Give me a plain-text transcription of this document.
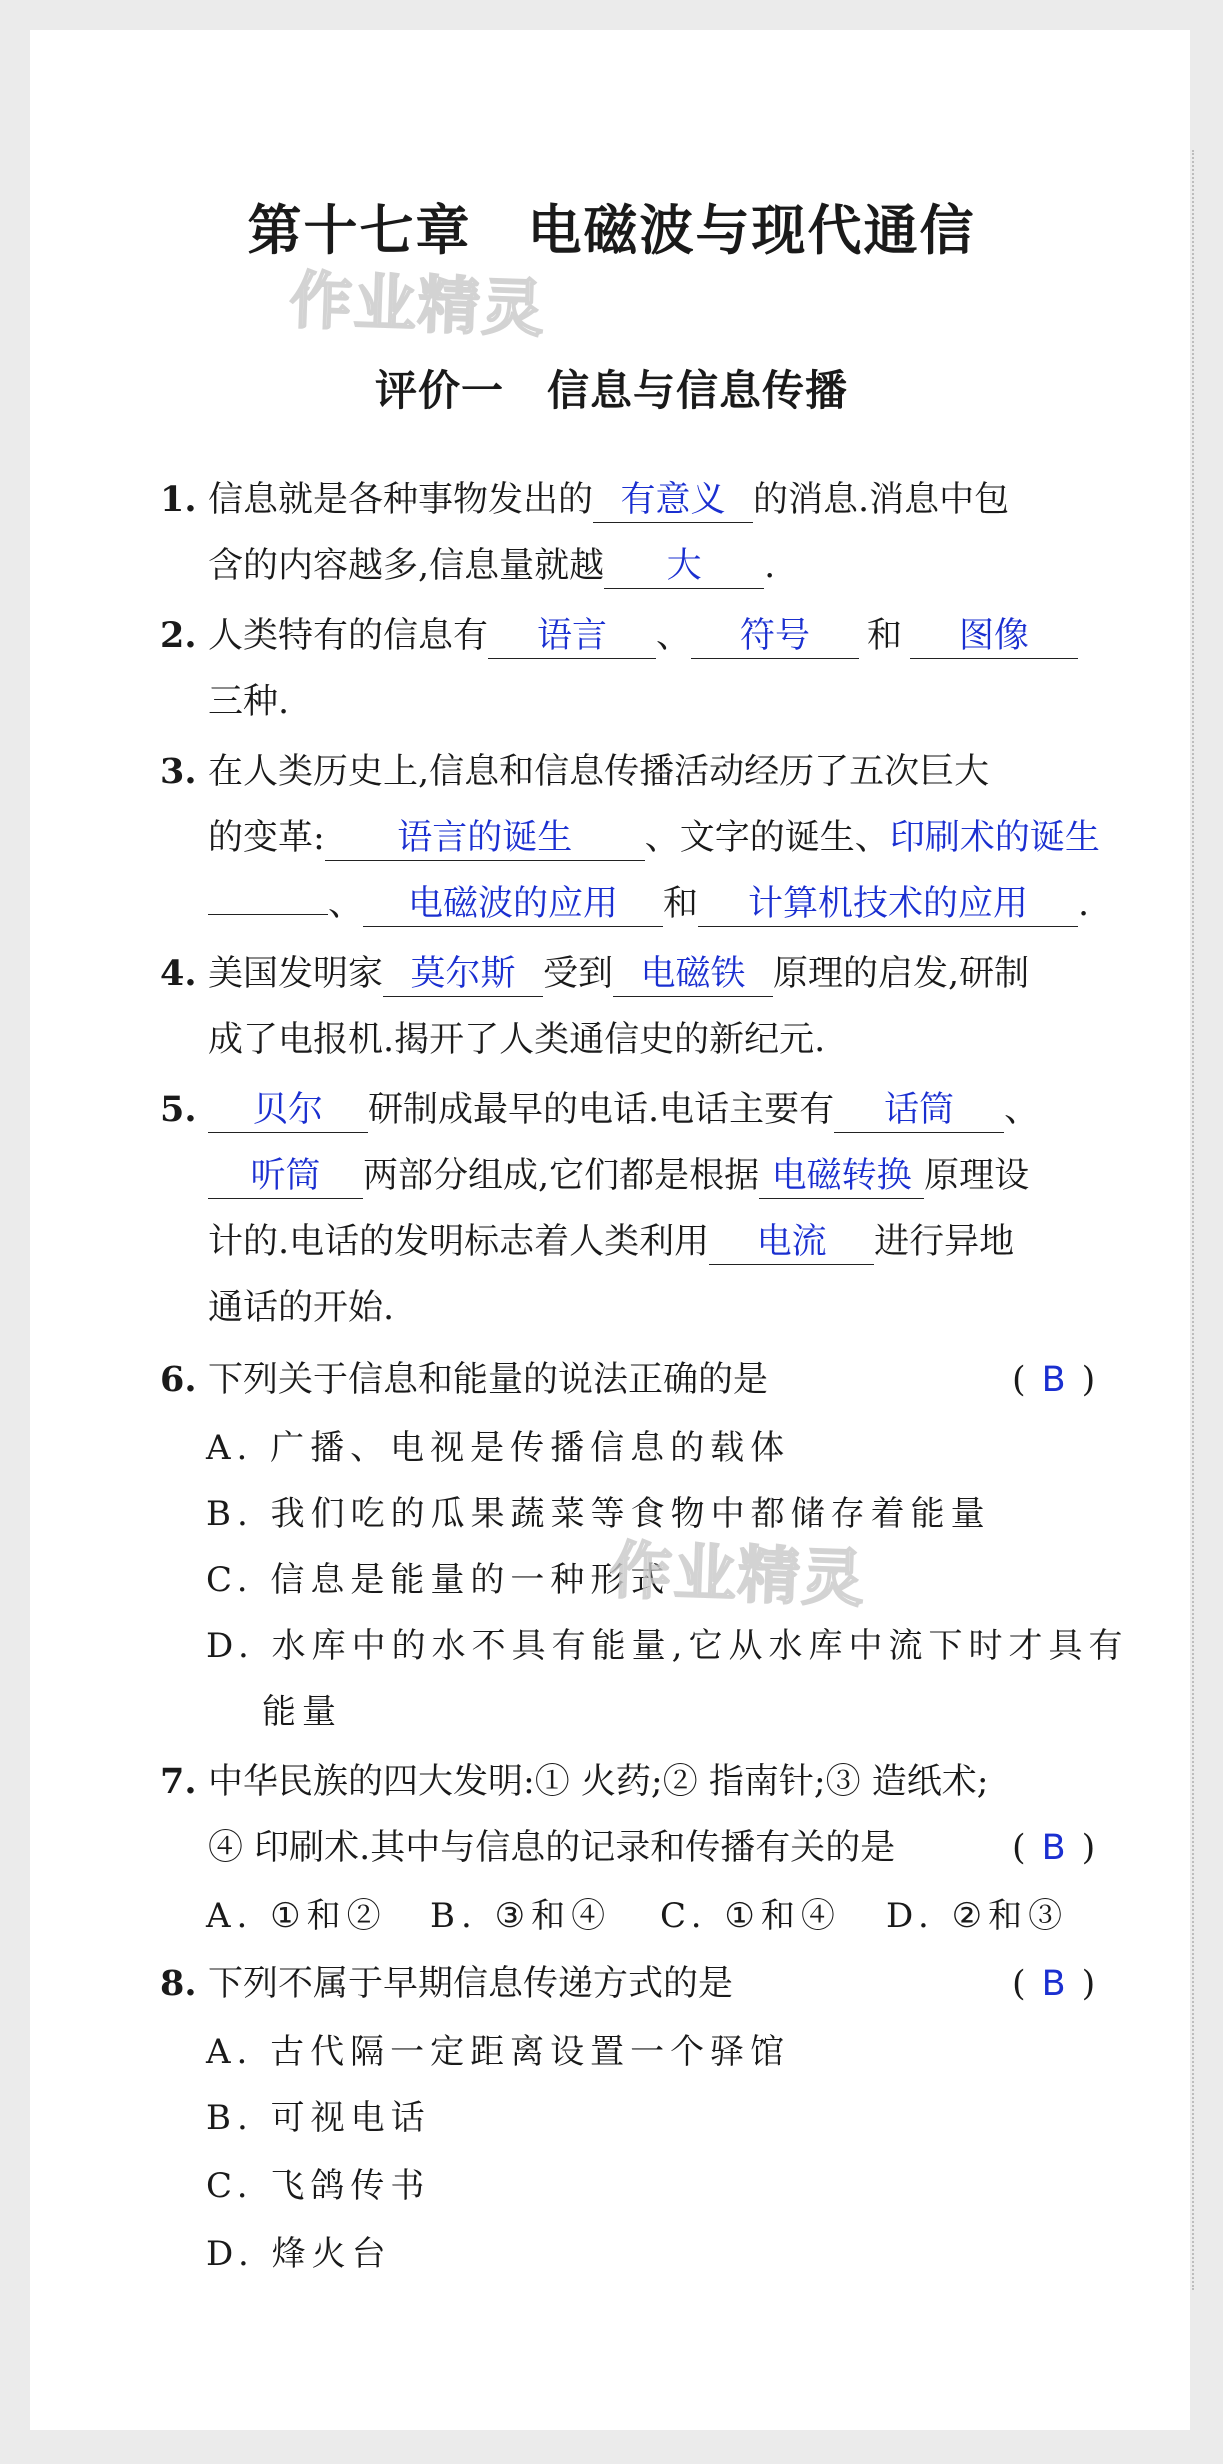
第十七章　电磁波与现代通信
作业精灵
评价一　信息与信息传播
1. 信息就是各种事物发出的 有意义 的消息.消息中包
含的内容越多,信息量就越 大 .
2. 人类特有的信息有 语言 、 符号 和 图像
三种.
3. 在人类历史上,信息和信息传播活动经历了五次巨大
的变革: 语言的诞生 、文字的诞生、印刷术的诞生
、 电磁波的应用 和 计算机技术的应用 .
4. 美国发明家 莫尔斯 受到 电磁铁 原理的启发,研制
成了电报机.揭开了人类通信史的新纪元.
5.	贝尔 研制成最早的电话.电话主要有 话筒 、
听筒 两部分组成,它们都是根据 电磁转换 原理设
计的.电话的发明标志着人类利用 电流 进行异地
通话的开始.
6. 下列关于信息和能量的说法正确的是	( B )
A. 广播、电视是传播信息的载体
B. 我们吃的瓜果蔬菜等食物中都储存着能量
C. 信息是能量的一种形式
D. 水库中的水不具有能量,它从水库中流下时才具有
能量
作业精灵
7. 中华民族的四大发明:① 火药;② 指南针;③ 造纸术;
④ 印刷术.其中与信息的记录和传播有关的是	( B )
A. ①和② B. ③和④ C. ①和④ D. ②和③
8. 下列不属于早期信息传递方式的是	( B )
A. 古代隔一定距离设置一个驿馆
B. 可视电话
C. 飞鸽传书
D. 烽火台
